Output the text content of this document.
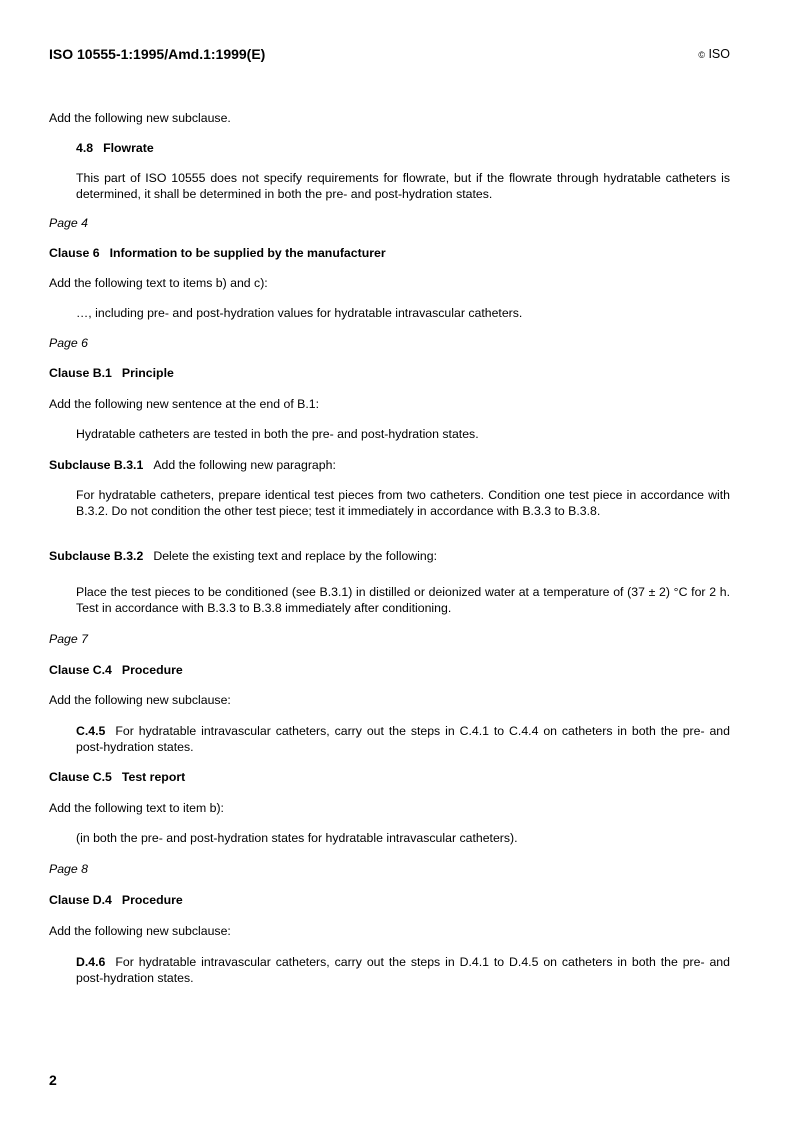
ISO 10555-1:1995/Amd.1:1999(E)	© ISO
Add the following new subclause.
4.8 Flowrate
This part of ISO 10555 does not specify requirements for flowrate, but if the flowrate through hydratable catheters is determined, it shall be determined in both the pre- and post-hydration states.
Page 4
Clause 6 Information to be supplied by the manufacturer
Add the following text to items b) and c):
…, including pre- and post-hydration values for hydratable intravascular catheters.
Page 6
Clause B.1 Principle
Add the following new sentence at the end of B.1:
Hydratable catheters are tested in both the pre- and post-hydration states.
Subclause B.3.1 Add the following new paragraph:
For hydratable catheters, prepare identical test pieces from two catheters. Condition one test piece in accordance with B.3.2. Do not condition the other test piece; test it immediately in accordance with B.3.3 to B.3.8.
Subclause B.3.2 Delete the existing text and replace by the following:
Place the test pieces to be conditioned (see B.3.1) in distilled or deionized water at a temperature of (37 ± 2) °C for 2 h. Test in accordance with B.3.3 to B.3.8 immediately after conditioning.
Page 7
Clause C.4 Procedure
Add the following new subclause:
C.4.5 For hydratable intravascular catheters, carry out the steps in C.4.1 to C.4.4 on catheters in both the pre- and post-hydration states.
Clause C.5 Test report
Add the following text to item b):
(in both the pre- and post-hydration states for hydratable intravascular catheters).
Page 8
Clause D.4 Procedure
Add the following new subclause:
D.4.6 For hydratable intravascular catheters, carry out the steps in D.4.1 to D.4.5 on catheters in both the pre- and post-hydration states.
2
